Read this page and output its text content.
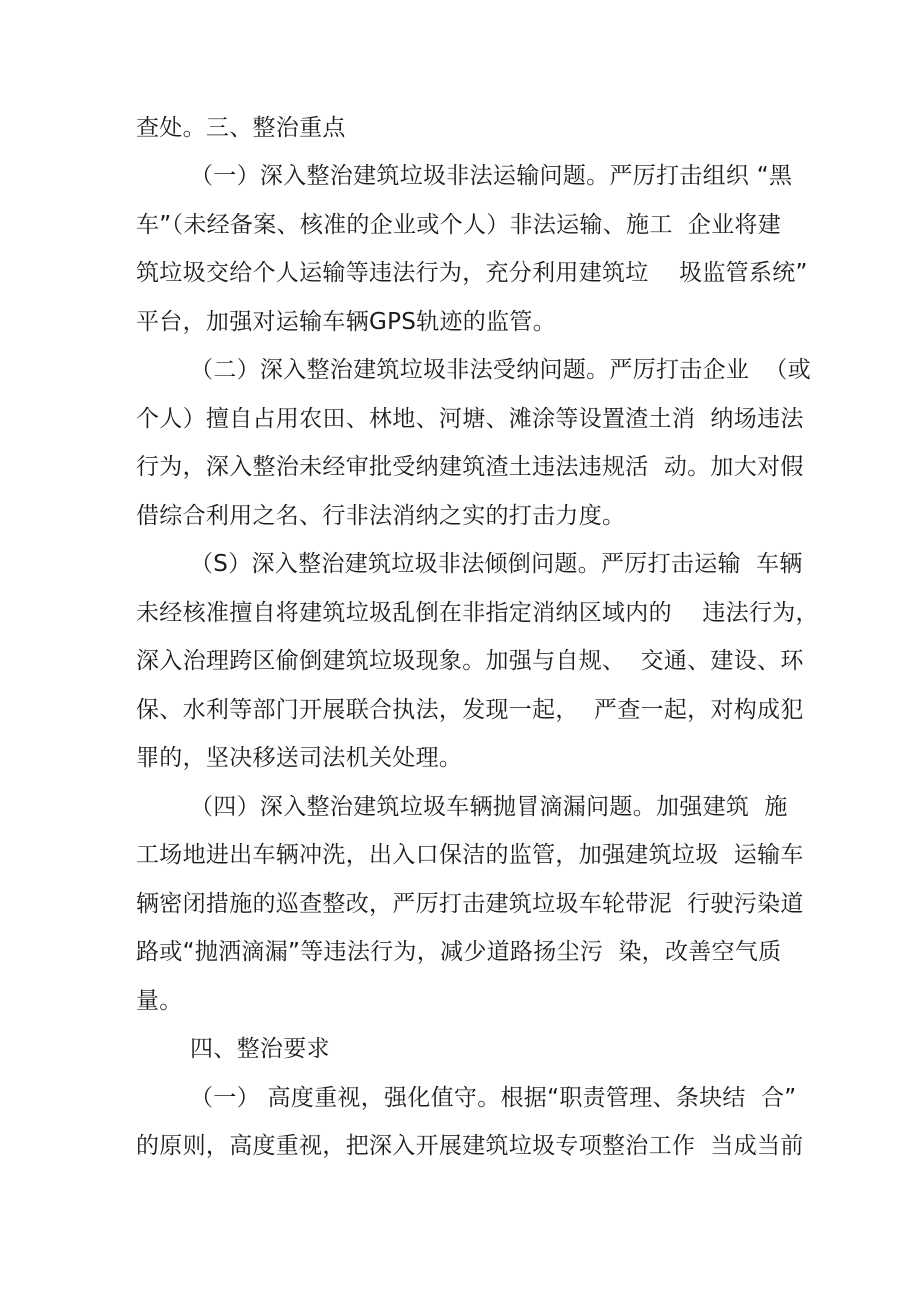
查处。三、整治重点
（一）深入整治建筑垃圾非法运输问题。严厉打击组织 “黑
车”（未经备案、核准的企业或个人）非法运输、施工  企业将建
筑垃圾交给个人运输等违法行为，充分利用建筑垃    圾监管系统”
平台，加强对运输车辆GPS轨迹的监管。
（二）深入整治建筑垃圾非法受纳问题。严厉打击企业  （或
个人）擅自占用农田、林地、河塘、滩涂等设置渣土消  纳场违法
行为，深入整治未经审批受纳建筑渣土违法违规活  动。加大对假
借综合利用之名、行非法消纳之实的打击力度。
（S）深入整治建筑垃圾非法倾倒问题。严厉打击运输  车辆
未经核准擅自将建筑垃圾乱倒在非指定消纳区域内的    违法行为，
深入治理跨区偷倒建筑垃圾现象。加强与自规、  交通、建设、环
保、水利等部门开展联合执法，发现一起，  严查一起，对构成犯
罪的，坚决移送司法机关处理。
（四）深入整治建筑垃圾车辆抛冒滴漏问题。加强建筑  施
工场地进出车辆冲洗，出入口保洁的监管，加强建筑垃圾  运输车
辆密闭措施的巡查整改，严厉打击建筑垃圾车轮带泥  行驶污染道
路或“抛洒滴漏”等违法行为，减少道路扬尘污  染，改善空气质
量。
四、整治要求
（一） 高度重视，强化值守。根据“职责管理、条块结  合”
的原则，高度重视，把深入开展建筑垃圾专项整治工作  当成当前
